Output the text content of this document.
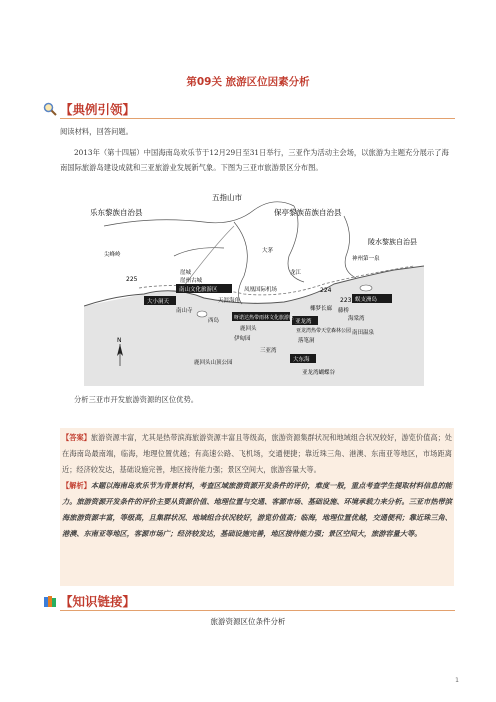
第09关 旅游区位因素分析
【典例引领】
阅读材料，回答问题。
2013年（第十四届）中国海南岛欢乐节于12月29日至31日举行，三亚作为活动主会场，以旅游为主题充分展示了海南国际旅游岛建设成就和三亚旅游业发展新气象。下图为三亚市旅游景区分布图。
乐东黎族自治县
五指山市
保亭黎族苗族自治县
陵水黎族自治县
225
224
223
南山文化旅游区
大小洞天	蜈支洲岛
亚龙湾
大东海
呀诺达热带雨林文化旅游区
崖城
崖州古城
南山寺
凤凰国际机场
天涯海角
西岛
鹿回头
海棠湾
藤桥
龙江
大茅
神州第一泉
南田温泉
落笔洞
椰梦长廊
亚龙湾热带天堂森林公园
鹿回头山顶公园
亚龙湾蝴蝶谷
伊甸园
尖峰岭
三亚湾
N
分析三亚市开发旅游资源的区位优势。
【答案】旅游资源丰富，尤其是热带滨海旅游资源丰富且等级高，旅游资源集群状况和地域组合状况较好，游览价值高；处在海南岛最南端，临海，地理位置优越；有高速公路、飞机场，交通便捷；靠近珠三角、港澳、东南亚等地区，市场距离近；经济较发达，基础设施完善，地区接待能力强；景区空间大，旅游容量大等。
【解析】本题以海南岛欢乐节为背景材料，考查区域旅游资源开发条件的评价，难度一般，重点考查学生提取材料信息的能力。旅游资源开发条件的评价主要从资源价值、地理位置与交通、客源市场、基础设施、环境承载力来分析。三亚市热带滨海旅游资源丰富，等级高，且集群状况、地域组合状况较好，游览价值高；临海，地理位置优越，交通便利；靠近珠三角、港澳、东南亚等地区，客源市场广；经济较发达，基础设施完善，地区接待能力强；景区空间大，旅游容量大等。
【知识链接】
旅游资源区位条件分析
1
